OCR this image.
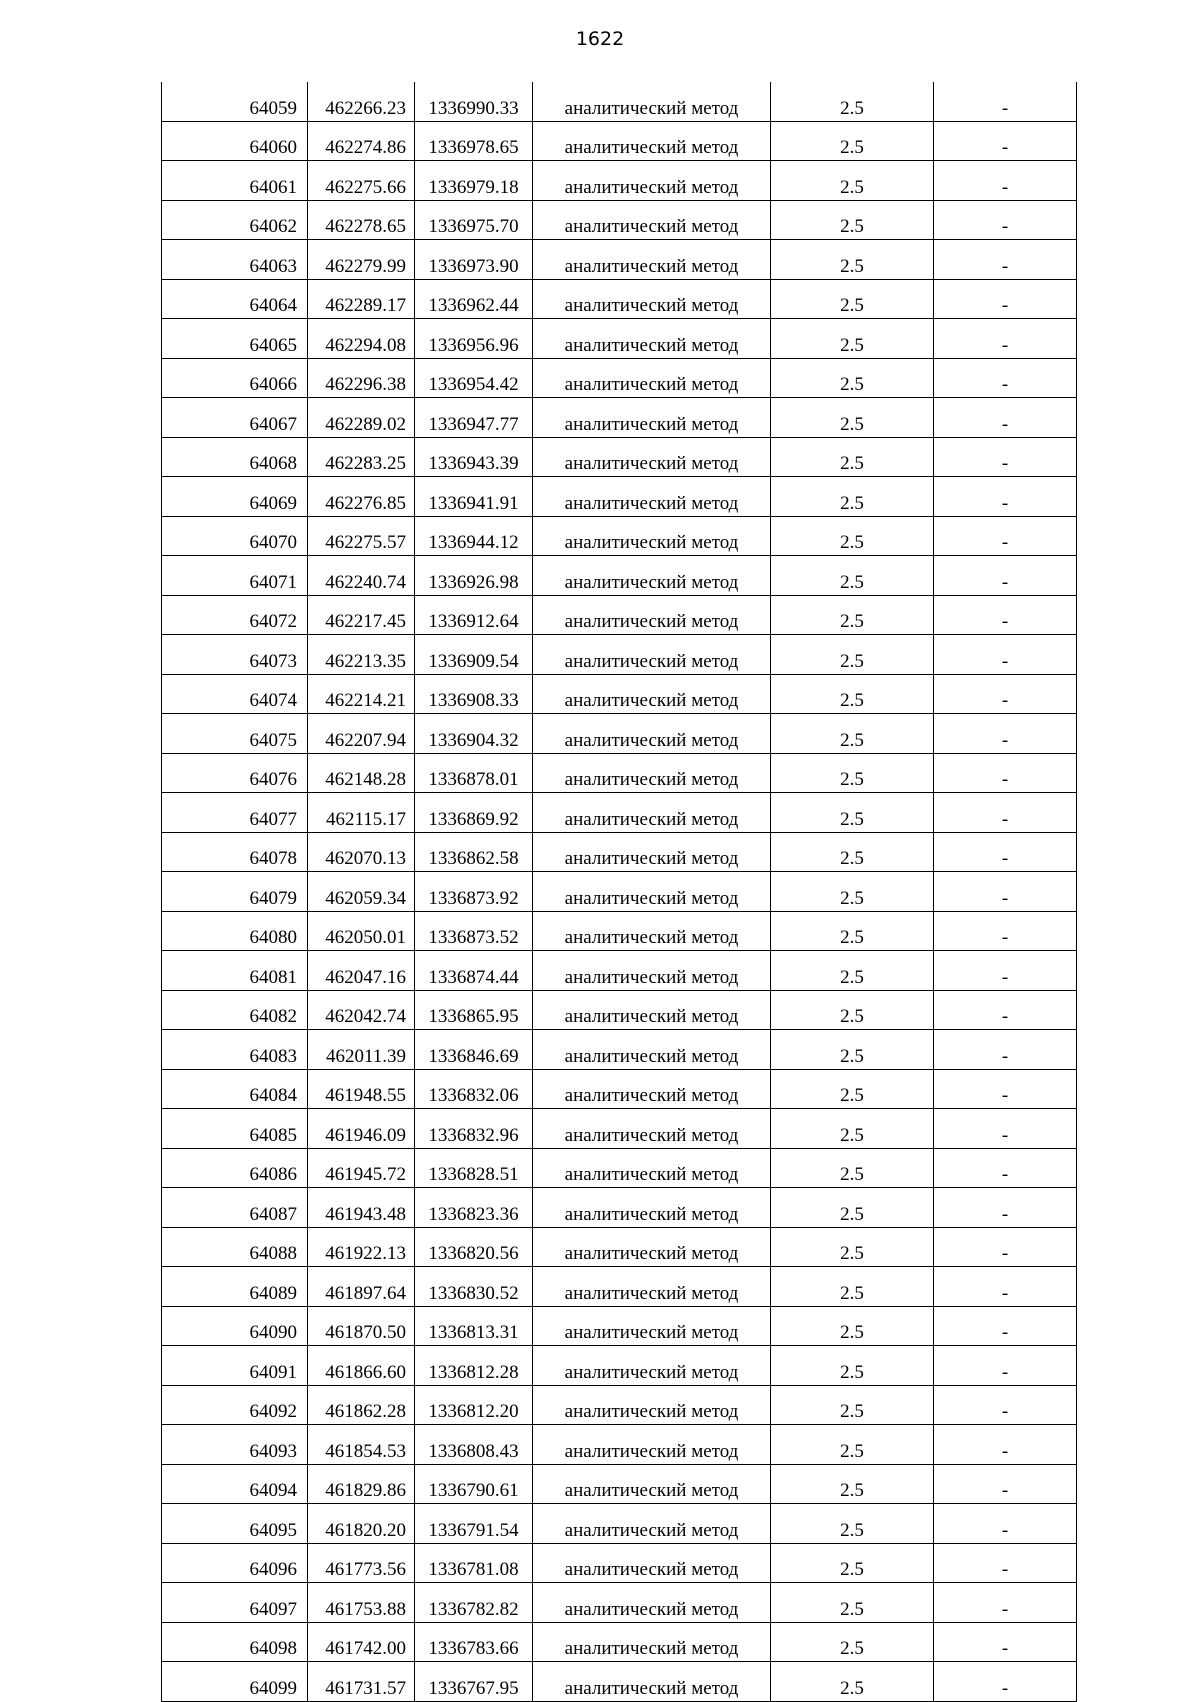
1622
64059	462266.23	1336990.33	аналитический метод	2.5	-
64060	462274.86	1336978.65	аналитический метод	2.5	-
64061	462275.66	1336979.18	аналитический метод	2.5	-
64062	462278.65	1336975.70	аналитический метод	2.5	-
64063	462279.99	1336973.90	аналитический метод	2.5	-
64064	462289.17	1336962.44	аналитический метод	2.5	-
64065	462294.08	1336956.96	аналитический метод	2.5	-
64066	462296.38	1336954.42	аналитический метод	2.5	-
64067	462289.02	1336947.77	аналитический метод	2.5	-
64068	462283.25	1336943.39	аналитический метод	2.5	-
64069	462276.85	1336941.91	аналитический метод	2.5	-
64070	462275.57	1336944.12	аналитический метод	2.5	-
64071	462240.74	1336926.98	аналитический метод	2.5	-
64072	462217.45	1336912.64	аналитический метод	2.5	-
64073	462213.35	1336909.54	аналитический метод	2.5	-
64074	462214.21	1336908.33	аналитический метод	2.5	-
64075	462207.94	1336904.32	аналитический метод	2.5	-
64076	462148.28	1336878.01	аналитический метод	2.5	-
64077	462115.17	1336869.92	аналитический метод	2.5	-
64078	462070.13	1336862.58	аналитический метод	2.5	-
64079	462059.34	1336873.92	аналитический метод	2.5	-
64080	462050.01	1336873.52	аналитический метод	2.5	-
64081	462047.16	1336874.44	аналитический метод	2.5	-
64082	462042.74	1336865.95	аналитический метод	2.5	-
64083	462011.39	1336846.69	аналитический метод	2.5	-
64084	461948.55	1336832.06	аналитический метод	2.5	-
64085	461946.09	1336832.96	аналитический метод	2.5	-
64086	461945.72	1336828.51	аналитический метод	2.5	-
64087	461943.48	1336823.36	аналитический метод	2.5	-
64088	461922.13	1336820.56	аналитический метод	2.5	-
64089	461897.64	1336830.52	аналитический метод	2.5	-
64090	461870.50	1336813.31	аналитический метод	2.5	-
64091	461866.60	1336812.28	аналитический метод	2.5	-
64092	461862.28	1336812.20	аналитический метод	2.5	-
64093	461854.53	1336808.43	аналитический метод	2.5	-
64094	461829.86	1336790.61	аналитический метод	2.5	-
64095	461820.20	1336791.54	аналитический метод	2.5	-
64096	461773.56	1336781.08	аналитический метод	2.5	-
64097	461753.88	1336782.82	аналитический метод	2.5	-
64098	461742.00	1336783.66	аналитический метод	2.5	-
64099	461731.57	1336767.95	аналитический метод	2.5	-
